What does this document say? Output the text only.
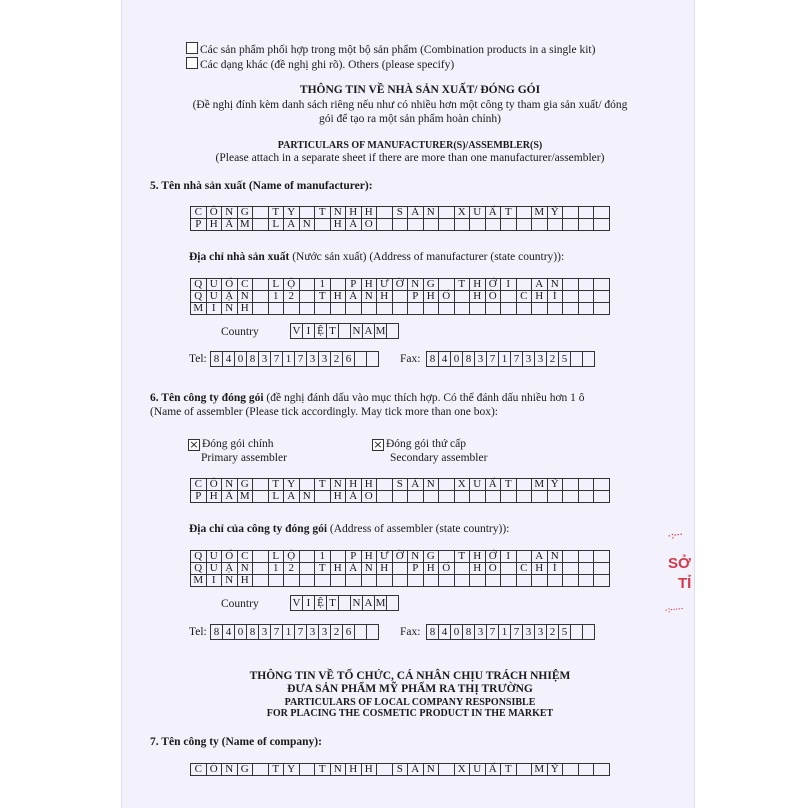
Các sản phẩm phối hợp trong một bộ sản phẩm (Combination products in a single kit)
Các dạng khác (đề nghị ghi rõ). Others (please specify)
THÔNG TIN VỀ NHÀ SẢN XUẤT/ ĐÓNG GÓI
(Đề nghị đính kèm danh sách riêng nếu như có nhiều hơn một công ty tham gia sản xuất/ đóng
gói để tạo ra một sản phẩm hoàn chỉnh)
PARTICULARS OF MANUFACTURER(S)/ASSEMBLER(S)
(Please attach in a separate sheet if there are more than one manufacturer/assembler)
5. Tên nhà sản xuất (Name of manufacturer):
C	Ô	N	G		T	Y		T	N	H	H		S	Ả	N		X	U	Ấ	T		M	Ỹ			
P	H	Ẩ	M		L	A	N		H	Ả	O															
Địa chỉ nhà sản xuất (Nước sản xuất) (Address of manufacturer (state country)):
Q	U	Ố	C		L	Ộ		1		P	H	Ư	Ờ	N	G		T	H	Ớ	I		A	N			
Q	U	Ậ	N		1	2		T	H	À	N	H		P	H	Ố		H	Ồ		C	H	Í			
M	I	N	H																							
Country	V I Ệ T N A M
Tel: 8 4 0 8 3 7 1 7 3 3 2 6	Fax: 8 4 0 8 3 7 1 7 3 3 2 5
6. Tên công ty đóng gói (đề nghị đánh dấu vào mục thích hợp. Có thể đánh dấu nhiều hơn 1 ô
(Name of assembler (Please tick accordingly. May tick more than one box):
×Đóng gói chính
Primary assembler
×Đóng gói thứ cấp
Secondary assembler
C	Ô	N	G		T	Y		T	N	H	H		S	Ả	N		X	U	Ấ	T		M	Ỹ			
P	H	Ẩ	M		L	A	N		H	Ả	O															
Địa chỉ của công ty đóng gói (Address of assembler (state country)):
Q	U	Ố	C		L	Ộ		1		P	H	Ư	Ờ	N	G		T	H	Ớ	I		A	N			
Q	U	Ậ	N		1	2		T	H	À	N	H		P	H	Ố		H	Ồ		C	H	Í			
M	I	N	H																							
Country	V I Ệ T N A M
Tel: 8 4 0 8 3 7 1 7 3 3 2 6	Fax: 8 4 0 8 3 7 1 7 3 3 2 5
THÔNG TIN VỀ TỔ CHỨC, CÁ NHÂN CHỊU TRÁCH NHIỆM
ĐƯA SẢN PHẨM MỸ PHẨM RA THỊ TRƯỜNG
PARTICULARS OF LOCAL COMPANY RESPONSIBLE
FOR PLACING THE COSMETIC PRODUCT IN THE MARKET
7. Tên công ty (Name of company):
C	Ô	N	G		T	Y		T	N	H	H		S	Ả	N		X	U	Ấ	T		M	Ỹ			
·:···
SỞ
TỈ
·:·····
